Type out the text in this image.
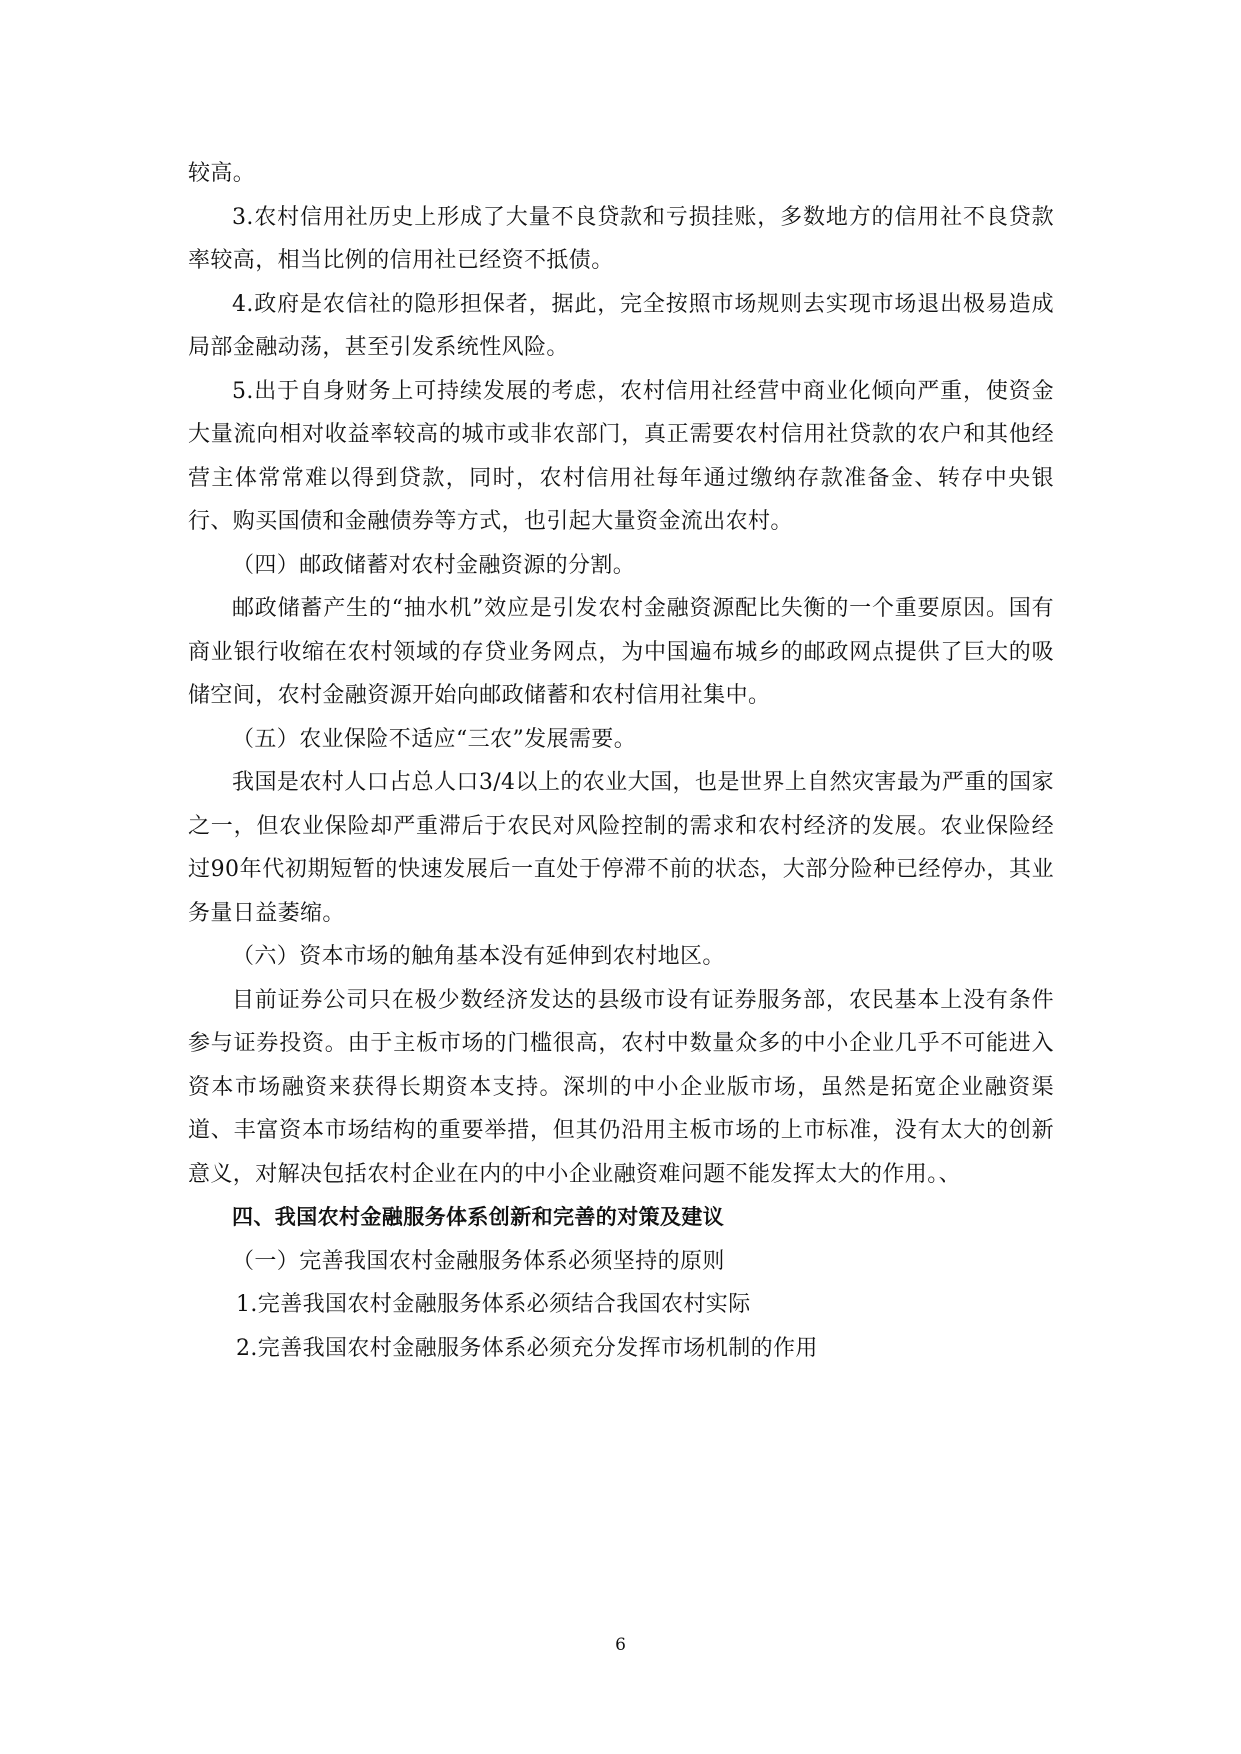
较高。

3.农村信用社历史上形成了大量不良贷款和亏损挂账，多数地方的信用社不良贷款率较高，相当比例的信用社已经资不抵债。

4.政府是农信社的隐形担保者，据此，完全按照市场规则去实现市场退出极易造成局部金融动荡，甚至引发系统性风险。

5.出于自身财务上可持续发展的考虑，农村信用社经营中商业化倾向严重，使资金大量流向相对收益率较高的城市或非农部门，真正需要农村信用社贷款的农户和其他经营主体常常难以得到贷款，同时，农村信用社每年通过缴纳存款准备金、转存中央银行、购买国债和金融债券等方式，也引起大量资金流出农村。

（四）邮政储蓄对农村金融资源的分割。

邮政储蓄产生的“抽水机”效应是引发农村金融资源配比失衡的一个重要原因。国有商业银行收缩在农村领域的存贷业务网点，为中国遍布城乡的邮政网点提供了巨大的吸储空间，农村金融资源开始向邮政储蓄和农村信用社集中。

（五）农业保险不适应“三农”发展需要。

我国是农村人口占总人口3/4以上的农业大国，也是世界上自然灾害最为严重的国家之一，但农业保险却严重滞后于农民对风险控制的需求和农村经济的发展。农业保险经过90年代初期短暂的快速发展后一直处于停滞不前的状态，大部分险种已经停办，其业务量日益萎缩。

（六）资本市场的触角基本没有延伸到农村地区。

目前证券公司只在极少数经济发达的县级市设有证券服务部，农民基本上没有条件参与证券投资。由于主板市场的门槛很高，农村中数量众多的中小企业几乎不可能进入资本市场融资来获得长期资本支持。深圳的中小企业版市场，虽然是拓宽企业融资渠道、丰富资本市场结构的重要举措，但其仍沿用主板市场的上市标准，没有太大的创新意义，对解决包括农村企业在内的中小企业融资难问题不能发挥太大的作用。、

四、我国农村金融服务体系创新和完善的对策及建议

（一）完善我国农村金融服务体系必须坚持的原则

1.完善我国农村金融服务体系必须结合我国农村实际

2.完善我国农村金融服务体系必须充分发挥市场机制的作用

6
